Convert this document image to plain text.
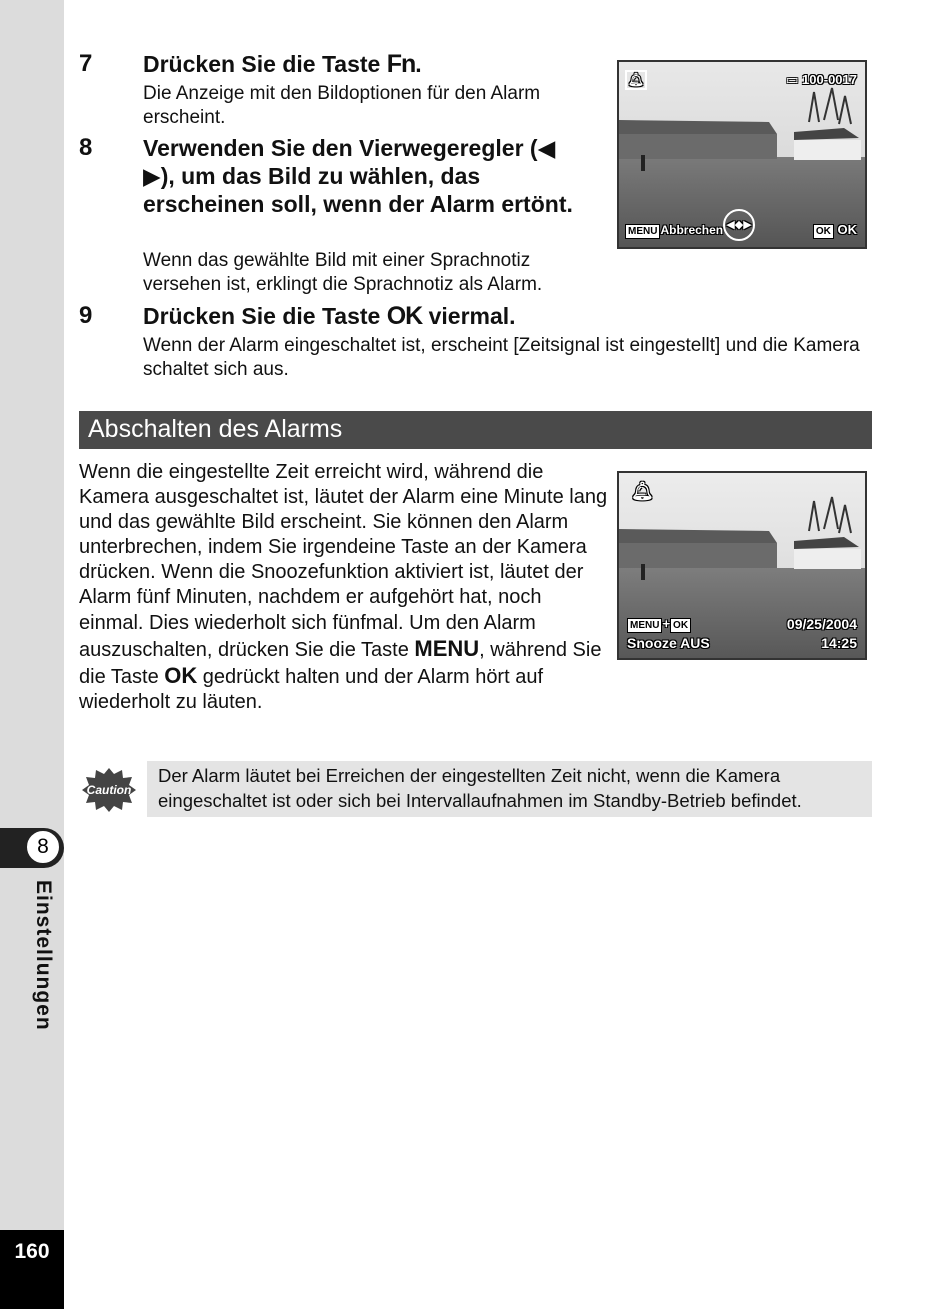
8
Einstellungen
160
7 Drücken Sie die Taste Fn.
Die Anzeige mit den Bildoptionen für den Alarm erscheint.
8 Verwenden Sie den Vierwegeregler (◀ ▶), um das Bild zu wählen, das erscheinen soll, wenn der Alarm ertönt.
Wenn das gewählte Bild mit einer Sprachnotiz versehen ist, erklingt die Sprachnotiz als Alarm.
9 Drücken Sie die Taste OK viermal.
Wenn der Alarm eingeschaltet ist, erscheint [Zeitsignal ist eingestellt] und die Kamera schaltet sich aus.
🔔︎	▭ 100-0017
MENU Abbrechen ◀◆▶
OK OK
Abschalten des Alarms

Wenn die eingestellte Zeit erreicht wird, während die Kamera ausgeschaltet ist, läutet der Alarm eine Minute lang und das gewählte Bild erscheint. Sie können den Alarm unterbrechen, indem Sie irgendeine Taste an der Kamera drücken. Wenn die Snoozefunktion aktiviert ist, läutet der Alarm fünf Minuten, nachdem er aufgehört hat, noch einmal. Dies wiederholt sich fünfmal. Um den Alarm auszuschalten, drücken Sie die Taste MENU, während Sie die Taste OK gedrückt halten und der Alarm hört auf wiederholt zu läuten.

🔔︎
MENU + OK	09/25/2004
Snooze AUS	14:25
Caution
Der Alarm läutet bei Erreichen der eingestellten Zeit nicht, wenn die Kamera eingeschaltet ist oder sich bei Intervallaufnahmen im Standby-Betrieb befindet.
